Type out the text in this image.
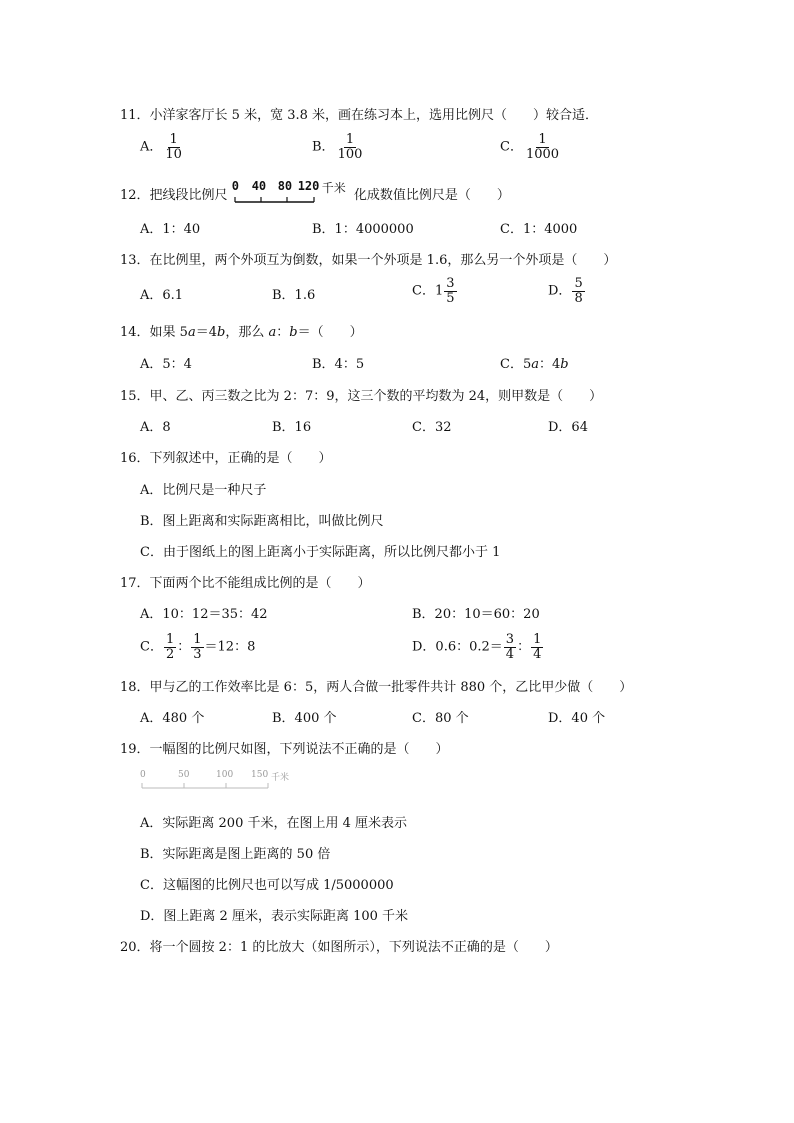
11．小洋家客厅长 5 米，宽 3.8 米，画在练习本上，选用比例尺（　　）较合适．
A． $\frac{1}{10}$	B． $\frac{1}{100}$	C． $\frac{1}{1000}$
12．把线段比例尺
0 40 80 120 千米
化成数值比例尺是（　　）
A．1：40	B．1：4000000	C．1：4000
13．在比例里，两个外项互为倒数，如果一个外项是 1.6，那么另一个外项是（　　）
A．6.1	B．1.6	C．$1 \frac{3}{5}$	D． $\frac{5}{8}$
14．如果 5a＝4b，那么 a：b＝（　　）
A．5：4	B．4：5	C．5a：4b
15．甲、乙、丙三数之比为 2：7：9，这三个数的平均数为 24，则甲数是（　　）
A．8	B．16	C．32	D．64
16．下列叙述中，正确的是（　　）
A．比例尺是一种尺子
B．图上距离和实际距离相比，叫做比例尺
C．由于图纸上的图上距离小于实际距离，所以比例尺都小于 1
17．下面两个比不能组成比例的是（　　）
A．10：12＝35：42	B．20：10＝60：20
C． $\frac{1}{2}$ ： $\frac{1}{3} =12$：8	D．0.6：$0.2= \frac{3}{4}$ ： $\frac{1}{4}$
18．甲与乙的工作效率比是 6：5，两人合做一批零件共计 880 个，乙比甲少做（　　）
A．480 个	B．400 个	C．80 个	D．40 个
19．一幅图的比例尺如图，下列说法不正确的是（　　）
0	50	100 150 千米
A．实际距离 200 千米，在图上用 4 厘米表示
B．实际距离是图上距离的 50 倍
C．这幅图的比例尺也可以写成 1/5000000
D．图上距离 2 厘米，表示实际距离 100 千米
20．将一个圆按 2：1 的比放大（如图所示），下列说法不正确的是（　　）
